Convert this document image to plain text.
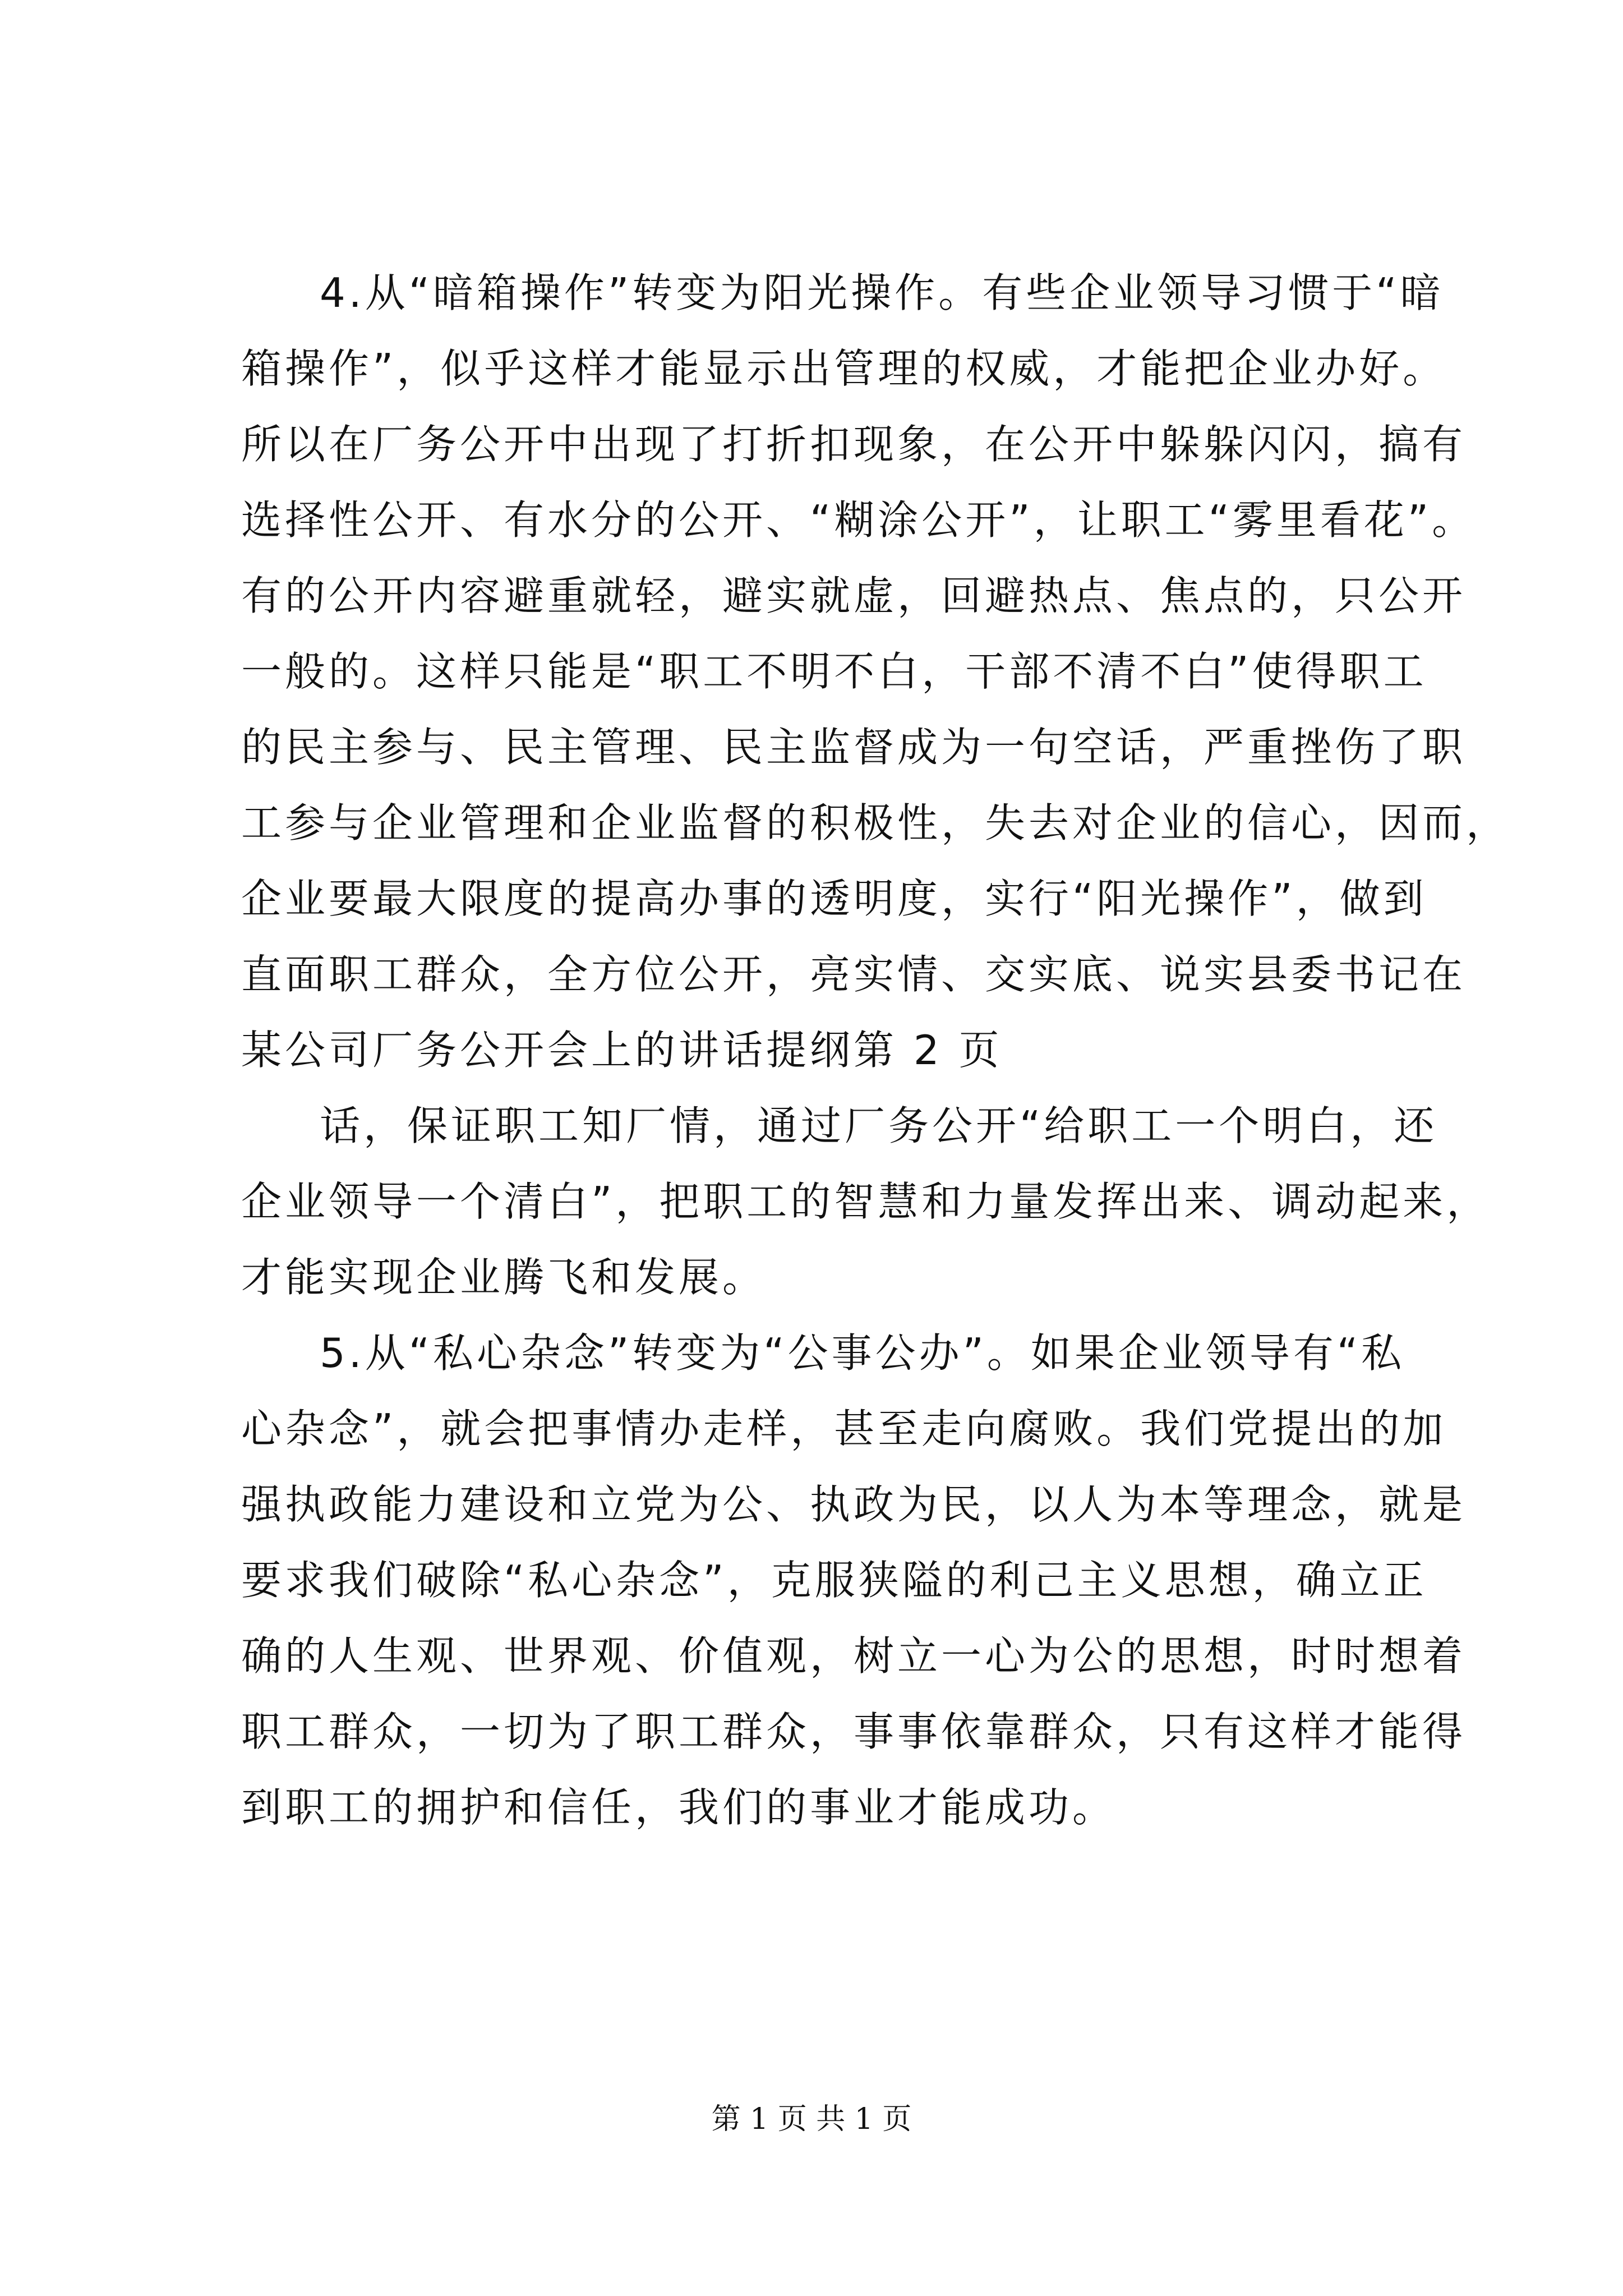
4.从“暗箱操作”转变为阳光操作。有些企业领导习惯于“暗
箱操作”，似乎这样才能显示出管理的权威，才能把企业办好。
所以在厂务公开中出现了打折扣现象，在公开中躲躲闪闪，搞有
选择性公开、有水分的公开、“糊涂公开”，让职工“雾里看花”。
有的公开内容避重就轻，避实就虚，回避热点、焦点的，只公开
一般的。这样只能是“职工不明不白，干部不清不白”使得职工
的民主参与、民主管理、民主监督成为一句空话，严重挫伤了职
工参与企业管理和企业监督的积极性，失去对企业的信心，因而，
企业要最大限度的提高办事的透明度，实行“阳光操作”，做到
直面职工群众，全方位公开，亮实情、交实底、说实县委书记在
某公司厂务公开会上的讲话提纲第 2 页
话，保证职工知厂情，通过厂务公开“给职工一个明白，还
企业领导一个清白”，把职工的智慧和力量发挥出来、调动起来，
才能实现企业腾飞和发展。
5.从“私心杂念”转变为“公事公办”。如果企业领导有“私
心杂念”，就会把事情办走样，甚至走向腐败。我们党提出的加
强执政能力建设和立党为公、执政为民，以人为本等理念，就是
要求我们破除“私心杂念”，克服狭隘的利己主义思想，确立正
确的人生观、世界观、价值观，树立一心为公的思想，时时想着
职工群众，一切为了职工群众，事事依靠群众，只有这样才能得
到职工的拥护和信任，我们的事业才能成功。
第 1 页 共 1 页
